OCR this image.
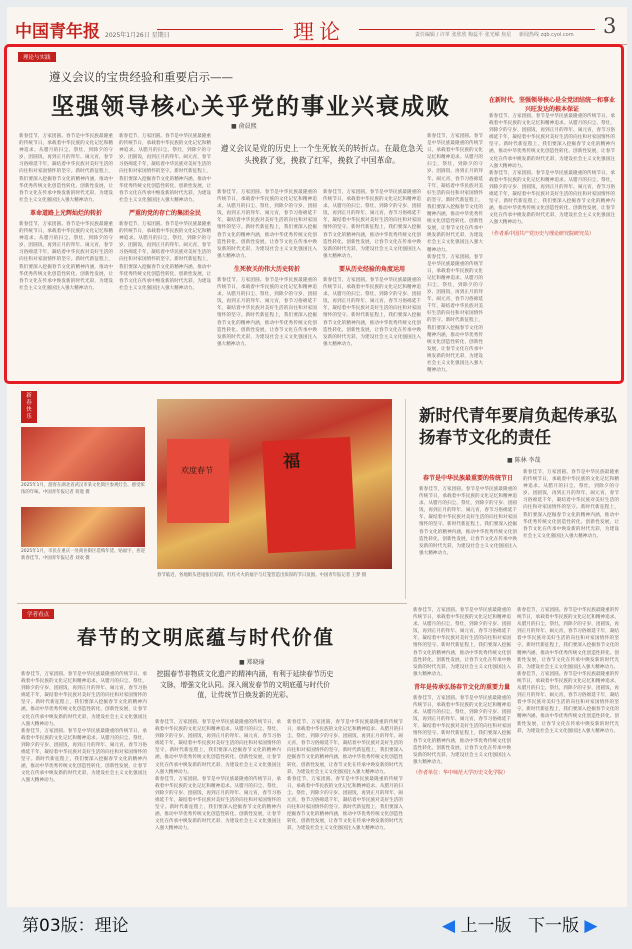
中国青年报 2025年1月26日 星期日	理论	责任编辑 / 许革 张欣欣 梅蕊平 张光嵘 焦星 新闻热线 zqb.cyol.com 3
新春快乐
2025年1月，游客在湖北省武汉市某文化街区参观灯会、感受浓浓的年味。中国青年报记者 蒋邃 摄
2025年1月，市民在重庆一处商业街区选购年货、贴福字，喜迎新春佳节。中国青年报记者 刘欢 摄
欢度春节	福
春节临近，各地街头巷尾张灯结彩，红红火火的福字与灯笼营造出浓厚的节日氛围。中国青年报记者 王梦 摄
新时代青年要肩负起传承弘扬春节文化的责任
■ 陈林 李哉
春节是中华民族最重要的传统节日
新春佳节，万家团圆。春节是中华民族最隆重的传统节日，承载着中华民族的文化记忆和精神追求。从腊月的扫尘、祭灶，到除夕的守岁、团圆饭，再到正月的拜年、闹元宵，春节习俗绵延千年，凝结着中华民族对美好生活的向往和对家国情怀的坚守。新时代新征程上，我们要深入挖掘春节文化的精神内涵，推动中华优秀传统文化创造性转化、创新性发展，让春节文化在传承中焕发新的时代光彩，为建设社会主义文化强国注入强大精神动力。
新春佳节，万家团圆。春节是中华民族最隆重的传统节日，承载着中华民族的文化记忆和精神追求。从腊月的扫尘、祭灶，到除夕的守岁、团圆饭，再到正月的拜年、闹元宵，春节习俗绵延千年，凝结着中华民族对美好生活的向往和对家国情怀的坚守。新时代新征程上，我们要深入挖掘春节文化的精神内涵，推动中华优秀传统文化创造性转化、创新性发展，让春节文化在传承中焕发新的时代光彩，为建设社会主义文化强国注入强大精神动力。
学者看点
春节的文明底蕴与时代价值
■ 郑晓瑜
新春佳节，万家团圆。春节是中华民族最隆重的传统节日，承载着中华民族的文化记忆和精神追求。从腊月的扫尘、祭灶，到除夕的守岁、团圆饭，再到正月的拜年、闹元宵，春节习俗绵延千年，凝结着中华民族对美好生活的向往和对家国情怀的坚守。新时代新征程上，我们要深入挖掘春节文化的精神内涵，推动中华优秀传统文化创造性转化、创新性发展，让春节文化在传承中焕发新的时代光彩，为建设社会主义文化强国注入强大精神动力。
新春佳节，万家团圆。春节是中华民族最隆重的传统节日，承载着中华民族的文化记忆和精神追求。从腊月的扫尘、祭灶，到除夕的守岁、团圆饭，再到正月的拜年、闹元宵，春节习俗绵延千年，凝结着中华民族对美好生活的向往和对家国情怀的坚守。新时代新征程上，我们要深入挖掘春节文化的精神内涵，推动中华优秀传统文化创造性转化、创新性发展，让春节文化在传承中焕发新的时代光彩，为建设社会主义文化强国注入强大精神动力。
挖掘春节非物质文化遗产的精神内涵，有利于延续春节历史文脉，增强文化认同。深入阐发春节的文明底蕴与时代价值，让传统节日焕发新的光彩。
新春佳节，万家团圆。春节是中华民族最隆重的传统节日，承载着中华民族的文化记忆和精神追求。从腊月的扫尘、祭灶，到除夕的守岁、团圆饭，再到正月的拜年、闹元宵，春节习俗绵延千年，凝结着中华民族对美好生活的向往和对家国情怀的坚守。新时代新征程上，我们要深入挖掘春节文化的精神内涵，推动中华优秀传统文化创造性转化、创新性发展，让春节文化在传承中焕发新的时代光彩，为建设社会主义文化强国注入强大精神动力。
新春佳节，万家团圆。春节是中华民族最隆重的传统节日，承载着中华民族的文化记忆和精神追求。从腊月的扫尘、祭灶，到除夕的守岁、团圆饭，再到正月的拜年、闹元宵，春节习俗绵延千年，凝结着中华民族对美好生活的向往和对家国情怀的坚守。新时代新征程上，我们要深入挖掘春节文化的精神内涵，推动中华优秀传统文化创造性转化、创新性发展，让春节文化在传承中焕发新的时代光彩，为建设社会主义文化强国注入强大精神动力。
新春佳节，万家团圆。春节是中华民族最隆重的传统节日，承载着中华民族的文化记忆和精神追求。从腊月的扫尘、祭灶，到除夕的守岁、团圆饭，再到正月的拜年、闹元宵，春节习俗绵延千年，凝结着中华民族对美好生活的向往和对家国情怀的坚守。新时代新征程上，我们要深入挖掘春节文化的精神内涵，推动中华优秀传统文化创造性转化、创新性发展，让春节文化在传承中焕发新的时代光彩，为建设社会主义文化强国注入强大精神动力。
新春佳节，万家团圆。春节是中华民族最隆重的传统节日，承载着中华民族的文化记忆和精神追求。从腊月的扫尘、祭灶，到除夕的守岁、团圆饭，再到正月的拜年、闹元宵，春节习俗绵延千年，凝结着中华民族对美好生活的向往和对家国情怀的坚守。新时代新征程上，我们要深入挖掘春节文化的精神内涵，推动中华优秀传统文化创造性转化、创新性发展，让春节文化在传承中焕发新的时代光彩，为建设社会主义文化强国注入强大精神动力。
新春佳节，万家团圆。春节是中华民族最隆重的传统节日，承载着中华民族的文化记忆和精神追求。从腊月的扫尘、祭灶，到除夕的守岁、团圆饭，再到正月的拜年、闹元宵，春节习俗绵延千年，凝结着中华民族对美好生活的向往和对家国情怀的坚守。新时代新征程上，我们要深入挖掘春节文化的精神内涵，推动中华优秀传统文化创造性转化、创新性发展，让春节文化在传承中焕发新的时代光彩，为建设社会主义文化强国注入强大精神动力。
青年是传承弘扬春节文化的重要力量
新春佳节，万家团圆。春节是中华民族最隆重的传统节日，承载着中华民族的文化记忆和精神追求。从腊月的扫尘、祭灶，到除夕的守岁、团圆饭，再到正月的拜年、闹元宵，春节习俗绵延千年，凝结着中华民族对美好生活的向往和对家国情怀的坚守。新时代新征程上，我们要深入挖掘春节文化的精神内涵，推动中华优秀传统文化创造性转化、创新性发展，让春节文化在传承中焕发新的时代光彩，为建设社会主义文化强国注入强大精神动力。
（作者单位：华中师范大学历史文化学院）
新春佳节，万家团圆。春节是中华民族最隆重的传统节日，承载着中华民族的文化记忆和精神追求。从腊月的扫尘、祭灶，到除夕的守岁、团圆饭，再到正月的拜年、闹元宵，春节习俗绵延千年，凝结着中华民族对美好生活的向往和对家国情怀的坚守。新时代新征程上，我们要深入挖掘春节文化的精神内涵，推动中华优秀传统文化创造性转化、创新性发展，让春节文化在传承中焕发新的时代光彩，为建设社会主义文化强国注入强大精神动力。
新春佳节，万家团圆。春节是中华民族最隆重的传统节日，承载着中华民族的文化记忆和精神追求。从腊月的扫尘、祭灶，到除夕的守岁、团圆饭，再到正月的拜年、闹元宵，春节习俗绵延千年，凝结着中华民族对美好生活的向往和对家国情怀的坚守。新时代新征程上，我们要深入挖掘春节文化的精神内涵，推动中华优秀传统文化创造性转化、创新性发展，让春节文化在传承中焕发新的时代光彩，为建设社会主义文化强国注入强大精神动力。
理论与实践
遵义会议的宝贵经验和重要启示——
坚强领导核心关乎党的事业兴衰成败
■ 俞晨熙
新春佳节，万家团圆。春节是中华民族最隆重的传统节日，承载着中华民族的文化记忆和精神追求。从腊月的扫尘、祭灶，到除夕的守岁、团圆饭，再到正月的拜年、闹元宵，春节习俗绵延千年，凝结着中华民族对美好生活的向往和对家国情怀的坚守。新时代新征程上，我们要深入挖掘春节文化的精神内涵，推动中华优秀传统文化创造性转化、创新性发展，让春节文化在传承中焕发新的时代光彩，为建设社会主义文化强国注入强大精神动力。
革命道路上光辉灿烂的转折
新春佳节，万家团圆。春节是中华民族最隆重的传统节日，承载着中华民族的文化记忆和精神追求。从腊月的扫尘、祭灶，到除夕的守岁、团圆饭，再到正月的拜年、闹元宵，春节习俗绵延千年，凝结着中华民族对美好生活的向往和对家国情怀的坚守。新时代新征程上，我们要深入挖掘春节文化的精神内涵，推动中华优秀传统文化创造性转化、创新性发展，让春节文化在传承中焕发新的时代光彩，为建设社会主义文化强国注入强大精神动力。
新春佳节，万家团圆。春节是中华民族最隆重的传统节日，承载着中华民族的文化记忆和精神追求。从腊月的扫尘、祭灶，到除夕的守岁、团圆饭，再到正月的拜年、闹元宵，春节习俗绵延千年，凝结着中华民族对美好生活的向往和对家国情怀的坚守。新时代新征程上，我们要深入挖掘春节文化的精神内涵，推动中华优秀传统文化创造性转化、创新性发展，让春节文化在传承中焕发新的时代光彩，为建设社会主义文化强国注入强大精神动力。
严重的党的存亡的集团全民
新春佳节，万家团圆。春节是中华民族最隆重的传统节日，承载着中华民族的文化记忆和精神追求。从腊月的扫尘、祭灶，到除夕的守岁、团圆饭，再到正月的拜年、闹元宵，春节习俗绵延千年，凝结着中华民族对美好生活的向往和对家国情怀的坚守。新时代新征程上，我们要深入挖掘春节文化的精神内涵，推动中华优秀传统文化创造性转化、创新性发展，让春节文化在传承中焕发新的时代光彩，为建设社会主义文化强国注入强大精神动力。
遵义会议是党的历史上一个生死攸关的转折点。在最危急关头挽救了党，挽救了红军，挽救了中国革命。
新春佳节，万家团圆。春节是中华民族最隆重的传统节日，承载着中华民族的文化记忆和精神追求。从腊月的扫尘、祭灶，到除夕的守岁、团圆饭，再到正月的拜年、闹元宵，春节习俗绵延千年，凝结着中华民族对美好生活的向往和对家国情怀的坚守。新时代新征程上，我们要深入挖掘春节文化的精神内涵，推动中华优秀传统文化创造性转化、创新性发展，让春节文化在传承中焕发新的时代光彩，为建设社会主义文化强国注入强大精神动力。
生死攸关的伟大历史转折
新春佳节，万家团圆。春节是中华民族最隆重的传统节日，承载着中华民族的文化记忆和精神追求。从腊月的扫尘、祭灶，到除夕的守岁、团圆饭，再到正月的拜年、闹元宵，春节习俗绵延千年，凝结着中华民族对美好生活的向往和对家国情怀的坚守。新时代新征程上，我们要深入挖掘春节文化的精神内涵，推动中华优秀传统文化创造性转化、创新性发展，让春节文化在传承中焕发新的时代光彩，为建设社会主义文化强国注入强大精神动力。
新春佳节，万家团圆。春节是中华民族最隆重的传统节日，承载着中华民族的文化记忆和精神追求。从腊月的扫尘、祭灶，到除夕的守岁、团圆饭，再到正月的拜年、闹元宵，春节习俗绵延千年，凝结着中华民族对美好生活的向往和对家国情怀的坚守。新时代新征程上，我们要深入挖掘春节文化的精神内涵，推动中华优秀传统文化创造性转化、创新性发展，让春节文化在传承中焕发新的时代光彩，为建设社会主义文化强国注入强大精神动力。
要从历史经验的角度运用
新春佳节，万家团圆。春节是中华民族最隆重的传统节日，承载着中华民族的文化记忆和精神追求。从腊月的扫尘、祭灶，到除夕的守岁、团圆饭，再到正月的拜年、闹元宵，春节习俗绵延千年，凝结着中华民族对美好生活的向往和对家国情怀的坚守。新时代新征程上，我们要深入挖掘春节文化的精神内涵，推动中华优秀传统文化创造性转化、创新性发展，让春节文化在传承中焕发新的时代光彩，为建设社会主义文化强国注入强大精神动力。
新春佳节，万家团圆。春节是中华民族最隆重的传统节日，承载着中华民族的文化记忆和精神追求。从腊月的扫尘、祭灶，到除夕的守岁、团圆饭，再到正月的拜年、闹元宵，春节习俗绵延千年，凝结着中华民族对美好生活的向往和对家国情怀的坚守。新时代新征程上，我们要深入挖掘春节文化的精神内涵，推动中华优秀传统文化创造性转化、创新性发展，让春节文化在传承中焕发新的时代光彩，为建设社会主义文化强国注入强大精神动力。
新春佳节，万家团圆。春节是中华民族最隆重的传统节日，承载着中华民族的文化记忆和精神追求。从腊月的扫尘、祭灶，到除夕的守岁、团圆饭，再到正月的拜年、闹元宵，春节习俗绵延千年，凝结着中华民族对美好生活的向往和对家国情怀的坚守。新时代新征程上，我们要深入挖掘春节文化的精神内涵，推动中华优秀传统文化创造性转化、创新性发展，让春节文化在传承中焕发新的时代光彩，为建设社会主义文化强国注入强大精神动力。
在新时代，坚强领导核心是全党团结统一和事业兴旺发达的根本保证
新春佳节，万家团圆。春节是中华民族最隆重的传统节日，承载着中华民族的文化记忆和精神追求。从腊月的扫尘、祭灶，到除夕的守岁、团圆饭，再到正月的拜年、闹元宵，春节习俗绵延千年，凝结着中华民族对美好生活的向往和对家国情怀的坚守。新时代新征程上，我们要深入挖掘春节文化的精神内涵，推动中华优秀传统文化创造性转化、创新性发展，让春节文化在传承中焕发新的时代光彩，为建设社会主义文化强国注入强大精神动力。
新春佳节，万家团圆。春节是中华民族最隆重的传统节日，承载着中华民族的文化记忆和精神追求。从腊月的扫尘、祭灶，到除夕的守岁、团圆饭，再到正月的拜年、闹元宵，春节习俗绵延千年，凝结着中华民族对美好生活的向往和对家国情怀的坚守。新时代新征程上，我们要深入挖掘春节文化的精神内涵，推动中华优秀传统文化创造性转化、创新性发展，让春节文化在传承中焕发新的时代光彩，为建设社会主义文化强国注入强大精神动力。
（作者系中国共产党历史与理论研究院研究员）
第03版：理论	◀ 上一版 下一版 ▶
